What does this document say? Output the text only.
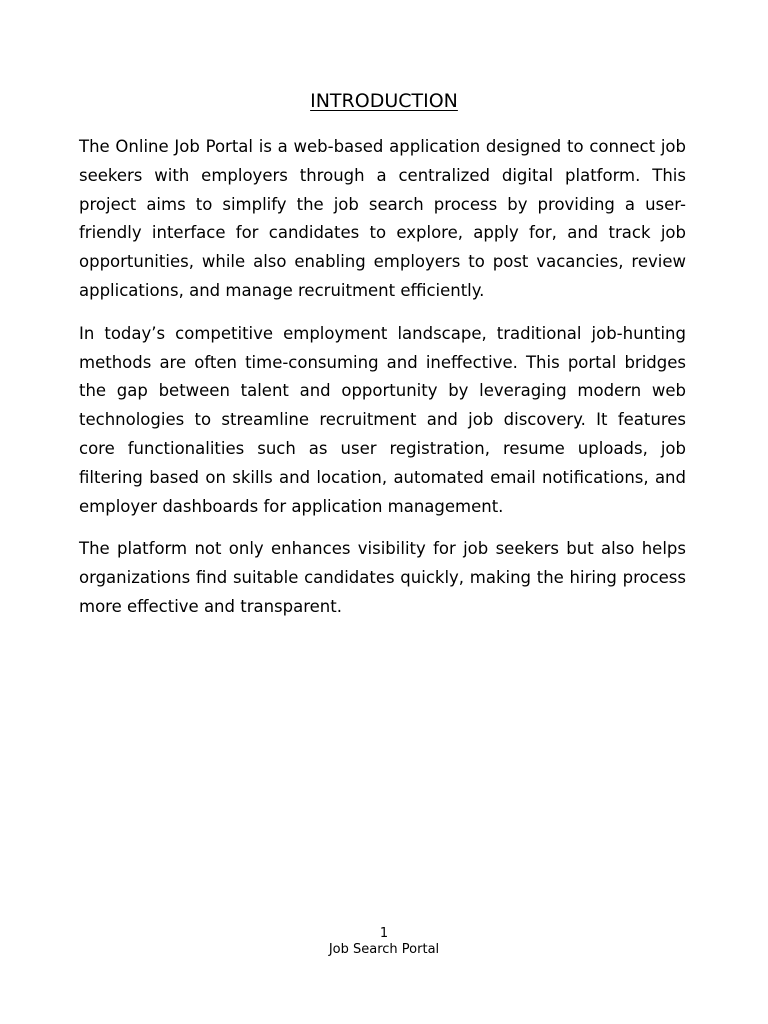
INTRODUCTION

The Online Job Portal is a web-based application designed to connect job seekers with employers through a centralized digital platform. This project aims to simplify the job search process by providing a user-friendly interface for candidates to explore, apply for, and track job opportunities, while also enabling employers to post vacancies, review applications, and manage recruitment efficiently.

In today’s competitive employment landscape, traditional job-hunting methods are often time-consuming and ineffective. This portal bridges the gap between talent and opportunity by leveraging modern web technologies to streamline recruitment and job discovery. It features core functionalities such as user registration, resume uploads, job filtering based on skills and location, automated email notifications, and employer dashboards for application management.

The platform not only enhances visibility for job seekers but also helps organizations find suitable candidates quickly, making the hiring process more effective and transparent.

1
Job Search Portal
